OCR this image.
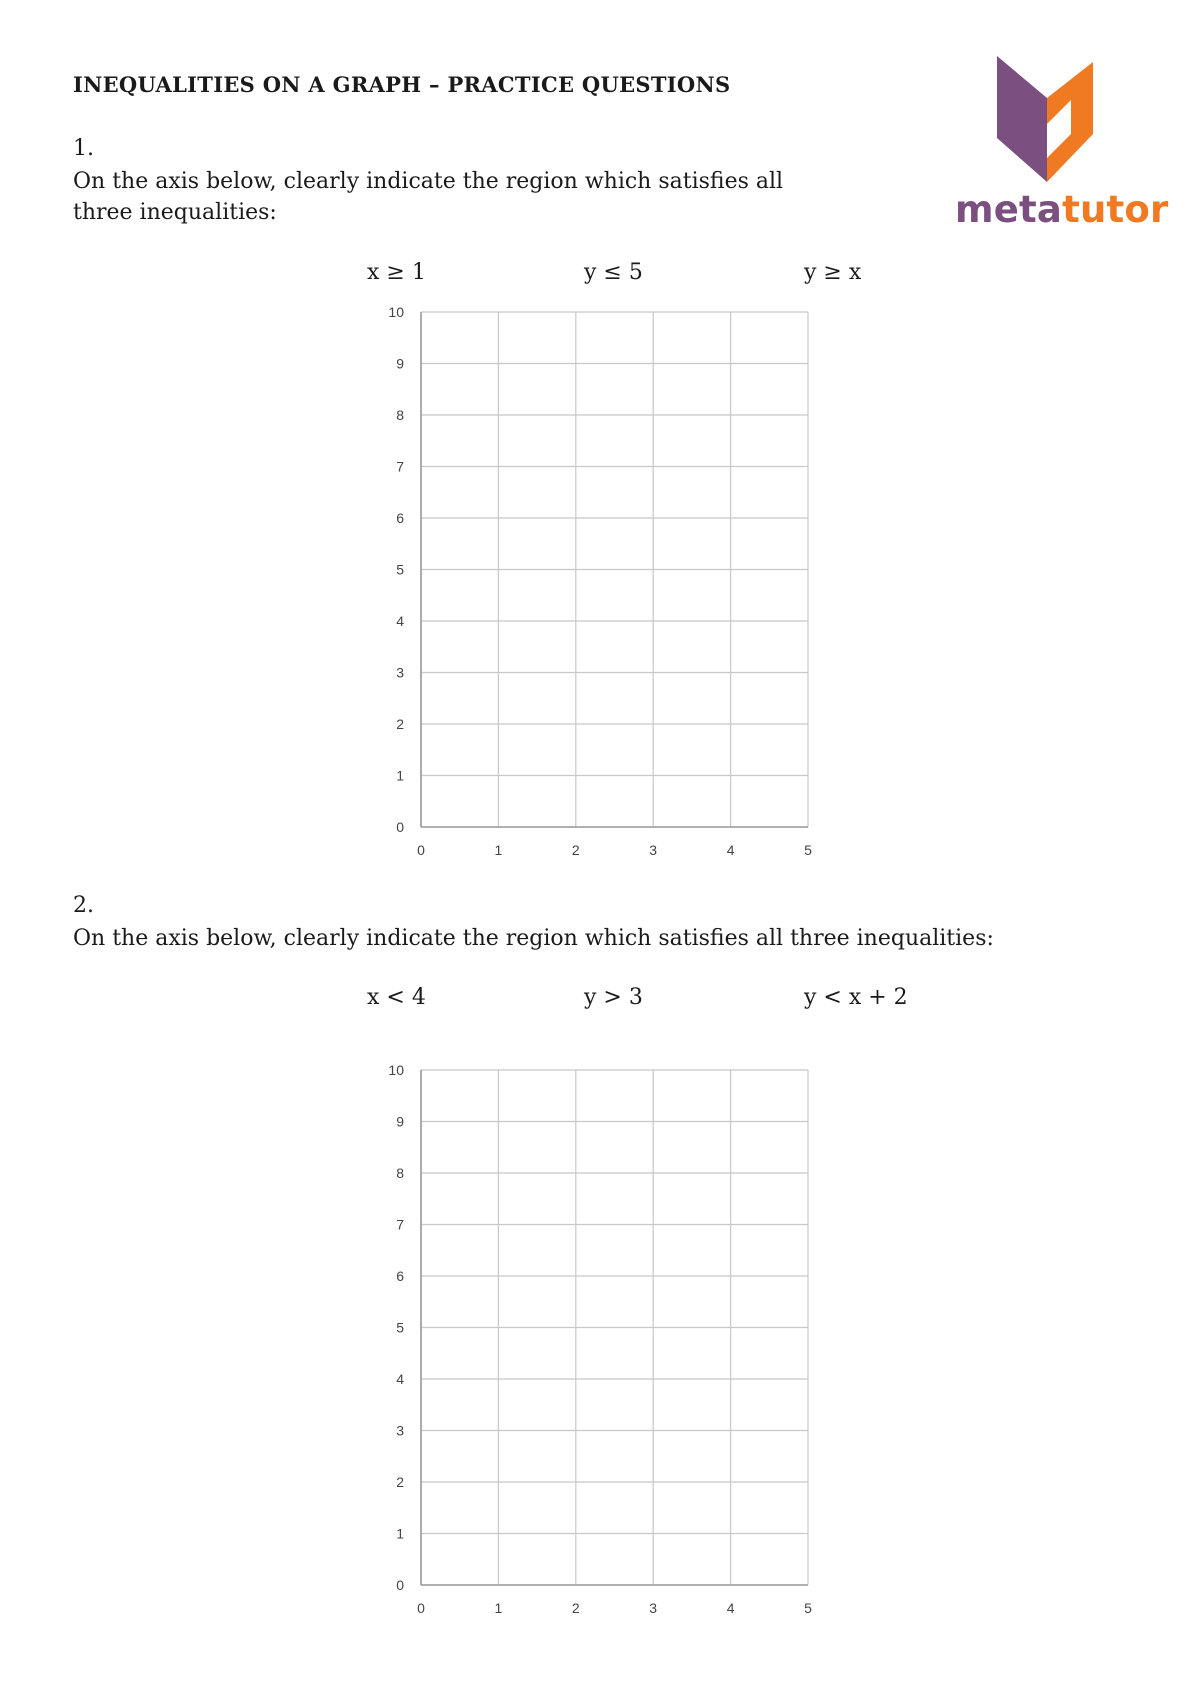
INEQUALITIES ON A GRAPH – PRACTICE QUESTIONS
metatutor
1.
On the axis below, clearly indicate the region which satisfies all
three inequalities:
x ≥ 1	y ≤ 5	y ≥ x
0
1
2
3
4
5
6
7
8
9
10
0	1	2	3	4	5
2.
On the axis below, clearly indicate the region which satisfies all three inequalities:
x < 4	y > 3	y < x + 2
0
1
2
3
4
5
6
7
8
9
10
0	1	2	3	4	5
